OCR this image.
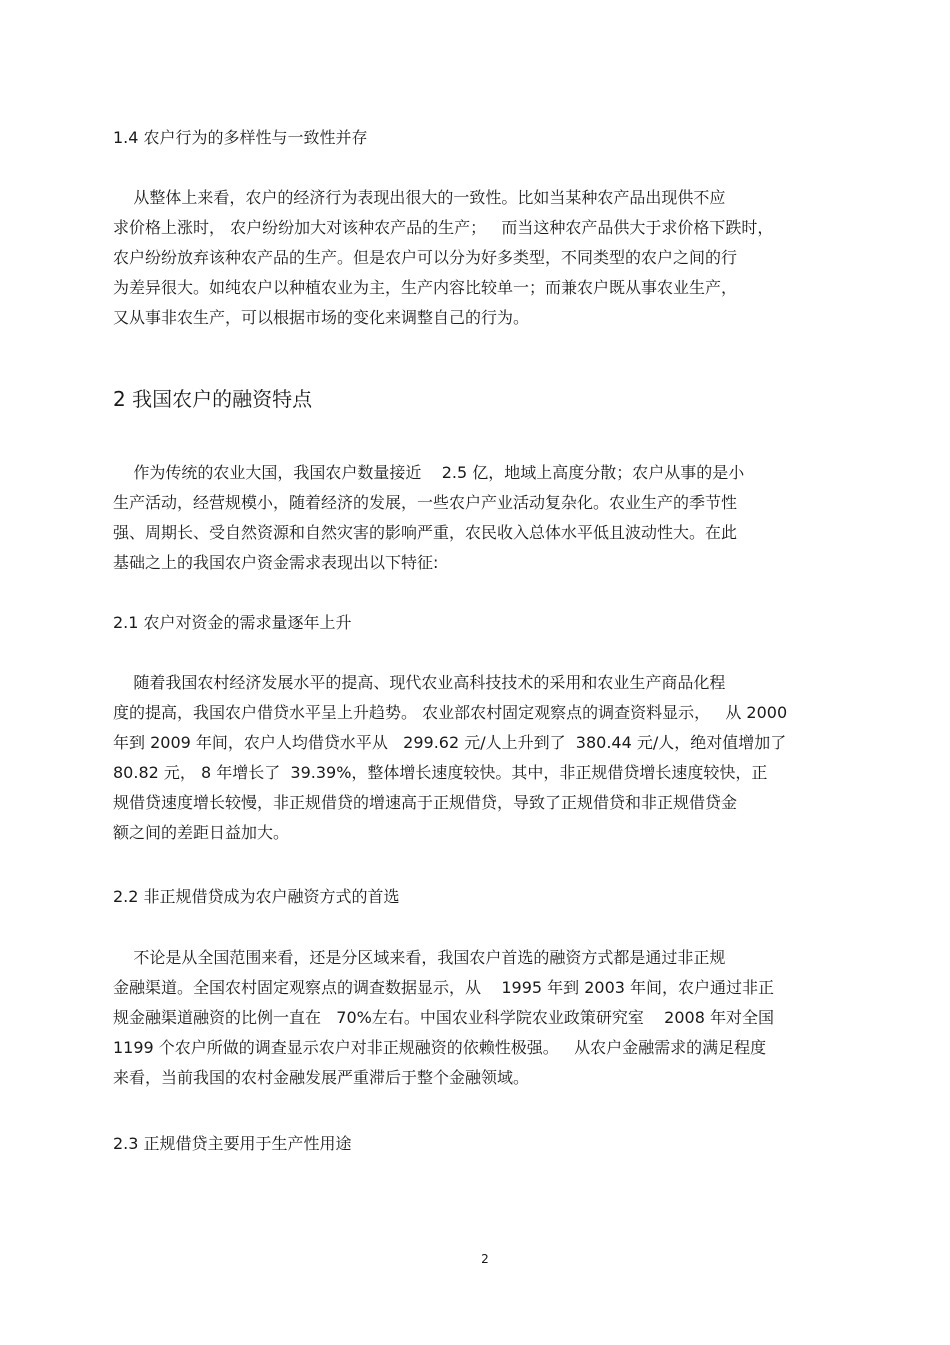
1.4 农户行为的多样性与一致性并存
从整体上来看，农户的经济行为表现出很大的一致性。比如当某种农产品出现供不应
求价格上涨时， 农户纷纷加大对该种农产品的生产；   而当这种农产品供大于求价格下跌时，
农户纷纷放弃该种农产品的生产。但是农户可以分为好多类型，不同类型的农户之间的行
为差异很大。如纯农户以种植农业为主，生产内容比较单一；而兼农户既从事农业生产，
又从事非农生产，可以根据市场的变化来调整自己的行为。
2 我国农户的融资特点
作为传统的农业大国，我国农户数量接近    2.5 亿，地域上高度分散；农户从事的是小
生产活动，经营规模小，随着经济的发展，一些农户产业活动复杂化。农业生产的季节性
强、周期长、受自然资源和自然灾害的影响严重，农民收入总体水平低且波动性大。在此
基础之上的我国农户资金需求表现出以下特征:
2.1 农户对资金的需求量逐年上升
随着我国农村经济发展水平的提高、现代农业高科技技术的采用和农业生产商品化程
度的提高，我国农户借贷水平呈上升趋势。 农业部农村固定观察点的调查资料显示，   从 2000
年到 2009 年间，农户人均借贷水平从   299.62 元/人上升到了  380.44 元/人，绝对值增加了
80.82 元， 8 年增长了  39.39%，整体增长速度较快。其中，非正规借贷增长速度较快，正
规借贷速度增长较慢，非正规借贷的增速高于正规借贷，导致了正规借贷和非正规借贷金
额之间的差距日益加大。
2.2 非正规借贷成为农户融资方式的首选
不论是从全国范围来看，还是分区域来看，我国农户首选的融资方式都是通过非正规
金融渠道。全国农村固定观察点的调查数据显示，从    1995 年到 2003 年间，农户通过非正
规金融渠道融资的比例一直在   70%左右。中国农业科学院农业政策研究室    2008 年对全国
1199 个农户所做的调查显示农户对非正规融资的依赖性极强。   从农户金融需求的满足程度
来看，当前我国的农村金融发展严重滞后于整个金融领域。
2.3 正规借贷主要用于生产性用途
2
